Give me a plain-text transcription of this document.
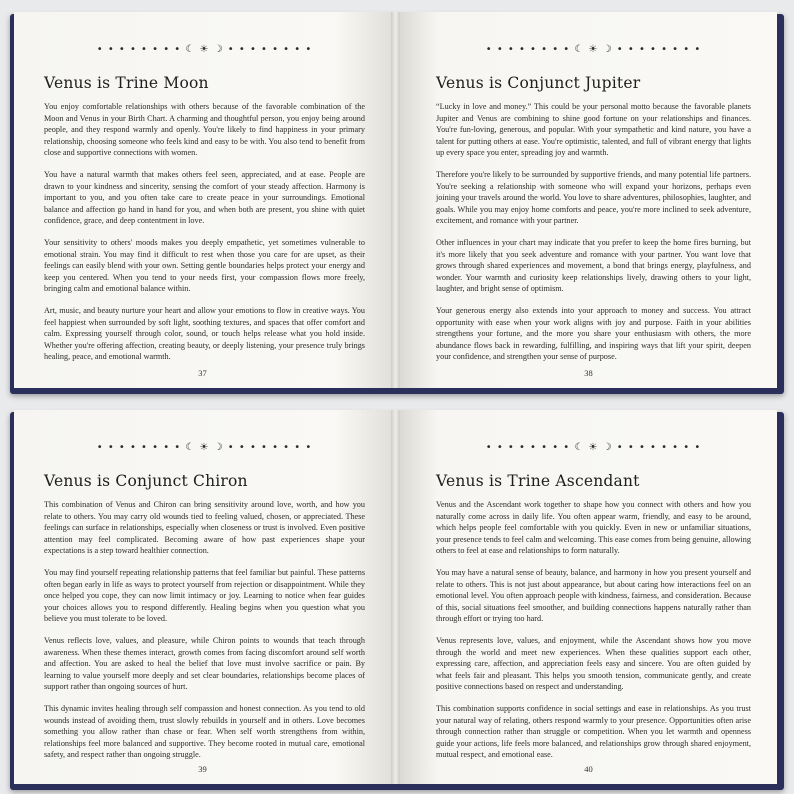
• • • • • • • • ☾ ☀ ☽ • • • • • • • •
Venus is Trine Moon

You enjoy comfortable relationships with others because of the favorable combination of the Moon and Venus in your Birth Chart. A charming and thoughtful person, you enjoy being around people, and they respond warmly and openly. You're likely to find happiness in your primary relationship, choosing someone who feels kind and easy to be with. You also tend to benefit from close and supportive connections with women.

You have a natural warmth that makes others feel seen, appreciated, and at ease. People are drawn to your kindness and sincerity, sensing the comfort of your steady affection. Harmony is important to you, and you often take care to create peace in your surroundings. Emotional balance and affection go hand in hand for you, and when both are present, you shine with quiet confidence, grace, and deep contentment in love.

Your sensitivity to others' moods makes you deeply empathetic, yet sometimes vulnerable to emotional strain. You may find it difficult to rest when those you care for are upset, as their feelings can easily blend with your own. Setting gentle boundaries helps protect your energy and keep you centered. When you tend to your needs first, your compassion flows more freely, bringing calm and emotional balance within.

Art, music, and beauty nurture your heart and allow your emotions to flow in creative ways. You feel happiest when surrounded by soft light, soothing textures, and spaces that offer comfort and calm. Expressing yourself through color, sound, or touch helps release what you hold inside. Whether you're offering affection, creating beauty, or deeply listening, your presence truly brings healing, peace, and emotional warmth.

37
• • • • • • • • ☾ ☀ ☽ • • • • • • • •
Venus is Conjunct Jupiter

“Lucky in love and money.” This could be your personal motto because the favorable planets Jupiter and Venus are combining to shine good fortune on your relationships and finances. You're fun-loving, generous, and popular. With your sympathetic and kind nature, you have a talent for putting others at ease. You're optimistic, talented, and full of vibrant energy that lights up every space you enter, spreading joy and warmth.

Therefore you're likely to be surrounded by supportive friends, and many potential life partners. You're seeking a relationship with someone who will expand your horizons, perhaps even joining your travels around the world. You love to share adventures, philosophies, laughter, and goals. While you may enjoy home comforts and peace, you're more inclined to seek adventure, excitement, and romance with your partner.

Other influences in your chart may indicate that you prefer to keep the home fires burning, but it's more likely that you seek adventure and romance with your partner. You want love that grows through shared experiences and movement, a bond that brings energy, playfulness, and wonder. Your warmth and curiosity keep relationships lively, drawing others to your light, laughter, and bright sense of optimism.

Your generous energy also extends into your approach to money and success. You attract opportunity with ease when your work aligns with joy and purpose. Faith in your abilities strengthens your fortune, and the more you share your enthusiasm with others, the more abundance flows back in rewarding, fulfilling, and inspiring ways that lift your spirit, deepen your confidence, and strengthen your sense of purpose.

38
• • • • • • • • ☾ ☀ ☽ • • • • • • • •
Venus is Conjunct Chiron

This combination of Venus and Chiron can bring sensitivity around love, worth, and how you relate to others. You may carry old wounds tied to feeling valued, chosen, or appreciated. These feelings can surface in relationships, especially when closeness or trust is involved. Even positive attention may feel complicated. Becoming aware of how past experiences shape your expectations is a step toward healthier connection.

You may find yourself repeating relationship patterns that feel familiar but painful. These patterns often began early in life as ways to protect yourself from rejection or disappointment. While they once helped you cope, they can now limit intimacy or joy. Learning to notice when fear guides your choices allows you to respond differently. Healing begins when you question what you believe you must tolerate to be loved.

Venus reflects love, values, and pleasure, while Chiron points to wounds that teach through awareness. When these themes interact, growth comes from facing discomfort around self worth and affection. You are asked to heal the belief that love must involve sacrifice or pain. By learning to value yourself more deeply and set clear boundaries, relationships become places of support rather than ongoing sources of hurt.

This dynamic invites healing through self compassion and honest connection. As you tend to old wounds instead of avoiding them, trust slowly rebuilds in yourself and in others. Love becomes something you allow rather than chase or fear. When self worth strengthens from within, relationships feel more balanced and supportive. They become rooted in mutual care, emotional safety, and respect rather than ongoing struggle.

39
• • • • • • • • ☾ ☀ ☽ • • • • • • • •
Venus is Trine Ascendant

Venus and the Ascendant work together to shape how you connect with others and how you naturally come across in daily life. You often appear warm, friendly, and easy to be around, which helps people feel comfortable with you quickly. Even in new or unfamiliar situations, your presence tends to feel calm and welcoming. This ease comes from being genuine, allowing others to feel at ease and relationships to form naturally.

You may have a natural sense of beauty, balance, and harmony in how you present yourself and relate to others. This is not just about appearance, but about caring how interactions feel on an emotional level. You often approach people with kindness, fairness, and consideration. Because of this, social situations feel smoother, and building connections happens naturally rather than through effort or trying too hard.

Venus represents love, values, and enjoyment, while the Ascendant shows how you move through the world and meet new experiences. When these qualities support each other, expressing care, affection, and appreciation feels easy and sincere. You are often guided by what feels fair and pleasant. This helps you smooth tension, communicate gently, and create positive connections based on respect and understanding.

This combination supports confidence in social settings and ease in relationships. As you trust your natural way of relating, others respond warmly to your presence. Opportunities often arise through connection rather than struggle or competition. When you let warmth and openness guide your actions, life feels more balanced, and relationships grow through shared enjoyment, mutual respect, and emotional ease.

40
